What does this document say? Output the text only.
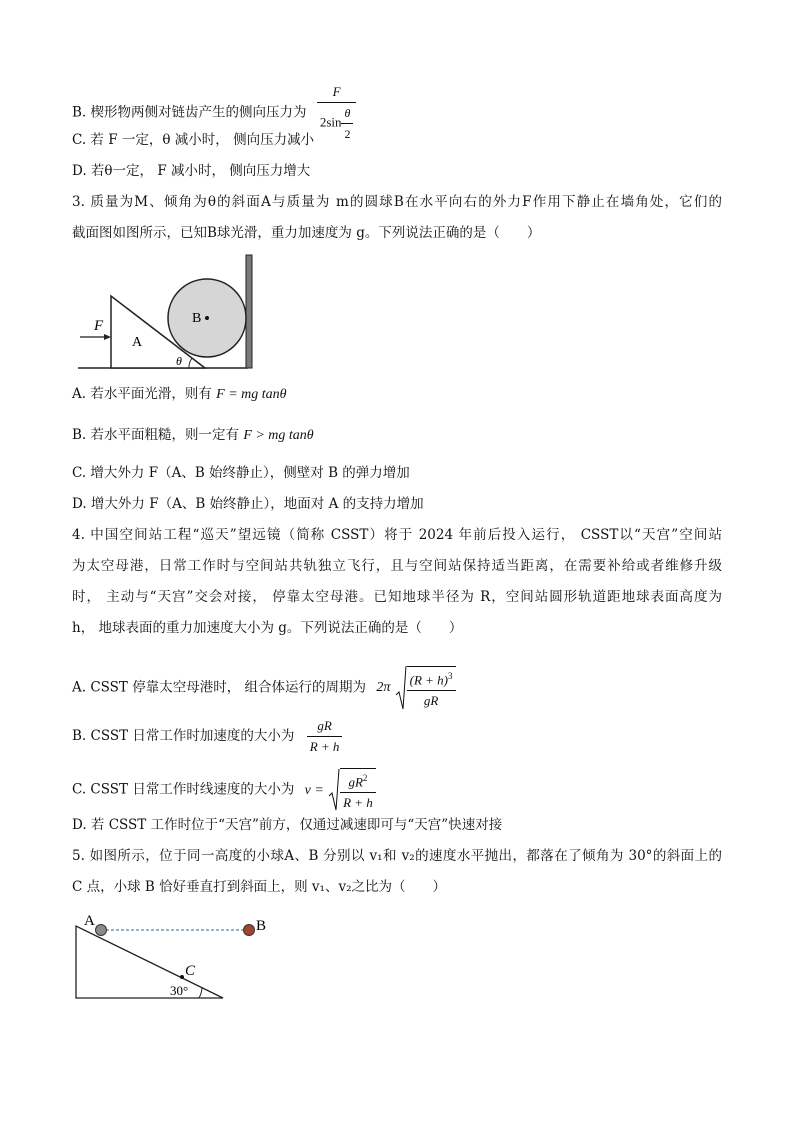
B. 楔形物两侧对链齿产生的侧向压力为 $\frac{F}{2\sin \frac{\theta}{2}}$
C. 若 F 一定，θ 减小时， 侧向压力减小
D. 若θ一定， F 减小时， 侧向压力增大
3. 质量为M、倾角为θ的斜面A与质量为 m的圆球B在水平向右的外力F作用下静止在墙角处，它们的
截面图如图所示，已知B球光滑，重力加速度为 g。下列说法正确的是（　　）
F
A
B
θ
A. 若水平面光滑，则有 F = mg tanθ
B. 若水平面粗糙，则一定有 F > mg tanθ
C. 增大外力 F（A、B 始终静止），侧壁对 B 的弹力增加
D. 增大外力 F（A、B 始终静止），地面对 A 的支持力增加
4. 中国空间站工程“巡天”望远镜（简称 CSST）将于 2024 年前后投入运行， CSST以“天宫”空间站
为太空母港，日常工作时与空间站共轨独立飞行，且与空间站保持适当距离，在需要补给或者维修升级
时， 主动与“天宫”交会对接， 停靠太空母港。已知地球半径为 R，空间站圆形轨道距地球表面高度为
h， 地球表面的重力加速度大小为 g。下列说法正确的是（　　）
A. CSST 停靠太空母港时， 组合体运行的周期为 $2\pi \frac{(R + h)^3}{gR}$
B. CSST 日常工作时加速度的大小为 $\frac{gR}{R + h}$
C. CSST 日常工作时线速度的大小为 $v = \frac{gR^2}{R + h}$
D. 若 CSST 工作时位于“天宫”前方，仅通过减速即可与“天宫”快速对接
5. 如图所示，位于同一高度的小球A、B 分别以 v₁和 v₂的速度水平抛出，都落在了倾角为 30°的斜面上的
C 点，小球 B 恰好垂直打到斜面上，则 v₁、v₂之比为（　　）
A	B
C
30°
